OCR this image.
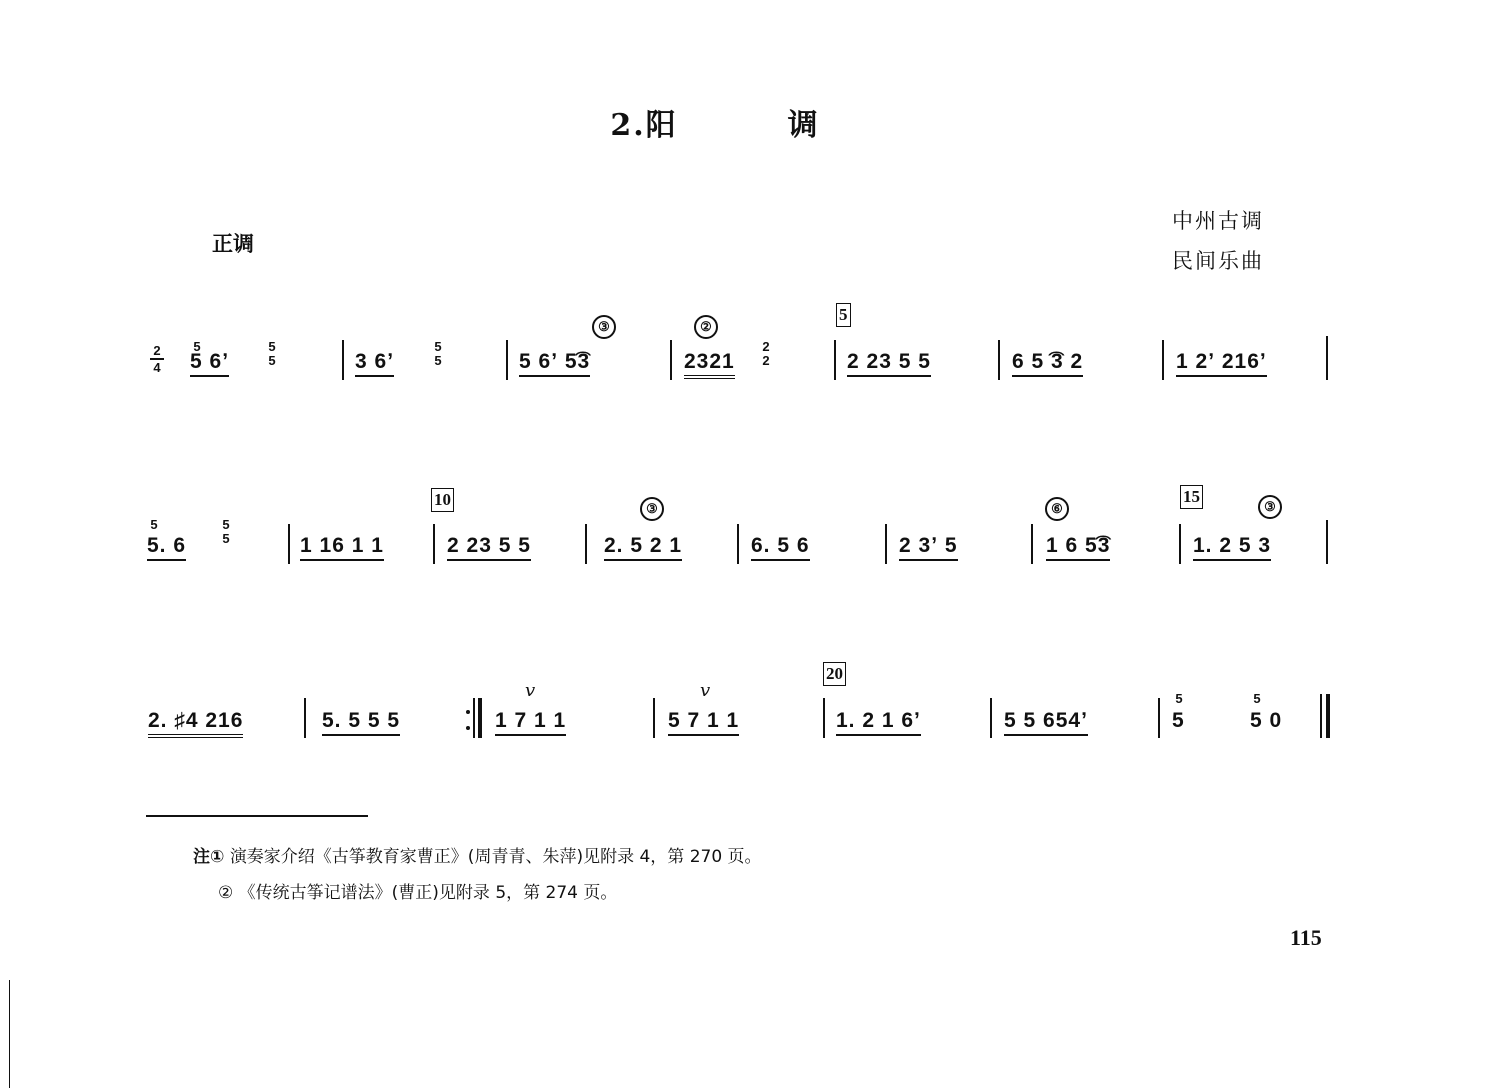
2.阳	调
正调
中州古调
民间乐曲
2
4
5
5 6ʼ
5
5	3 6ʼ
5
5
③
5 6ʼ 5͡3
②
2321
2
2
5
2 23 5 5	6 5 ͡3 2	1 2ʼ 216ʼ
5
5. 6
5
5	1 16 1 1
10
2 23 5 5
③
2. 5 2 1	6. 5 6	2 3ʼ 5
⑥
1 6 5͡3
15
③
1. 2 5 3
2. ♯4 216	5. 5 5 5
v
1 7 1 1
v
5 7 1 1
20
1. 2 1 6ʼ	5 5 654ʼ
5
5
5
5 0
注① 演奏家介绍《古筝教育家曹正》(周青青、朱萍)见附录 4，第 270 页。
② 《传统古筝记谱法》(曹正)见附录 5，第 274 页。
115
